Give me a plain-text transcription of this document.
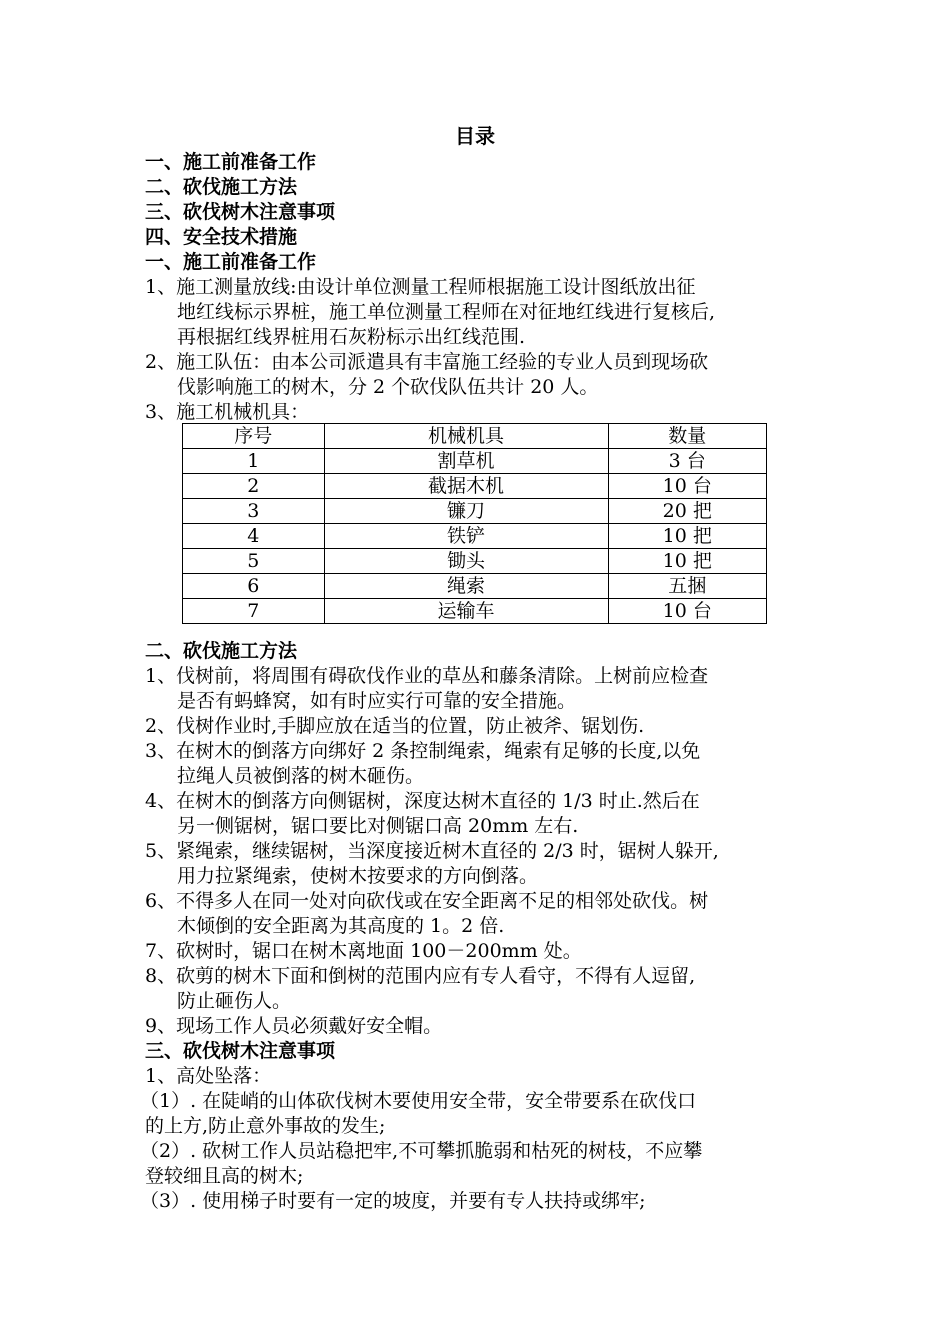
目录
一、施工前准备工作
二、砍伐施工方法
三、砍伐树木注意事项
四、安全技术措施
一、施工前准备工作
1、施工测量放线:由设计单位测量工程师根据施工设计图纸放出征
地红线标示界桩，施工单位测量工程师在对征地红线进行复核后,
再根据红线界桩用石灰粉标示出红线范围.
2、施工队伍：由本公司派遣具有丰富施工经验的专业人员到现场砍
伐影响施工的树木，分 2 个砍伐队伍共计 20 人。
3、施工机械机具：
序号	机械机具	数量
1	割草机	3 台
2	截据木机	10 台
3	镰刀	20 把
4	铁铲	10 把
5	锄头	10 把
6	绳索	五捆
7	运输车	10 台
二、砍伐施工方法
1、伐树前，将周围有碍砍伐作业的草丛和藤条清除。上树前应检查
是否有蚂蜂窝，如有时应实行可靠的安全措施。
2、伐树作业时,手脚应放在适当的位置，防止被斧、锯划伤.
3、在树木的倒落方向绑好 2 条控制绳索，绳索有足够的长度,以免
拉绳人员被倒落的树木砸伤。
4、在树木的倒落方向侧锯树，深度达树木直径的 1/3 时止.然后在
另一侧锯树，锯口要比对侧锯口高 20mm 左右.
5、紧绳索，继续锯树，当深度接近树木直径的 2/3 时，锯树人躲开,
用力拉紧绳索，使树木按要求的方向倒落。
6、不得多人在同一处对向砍伐或在安全距离不足的相邻处砍伐。树
木倾倒的安全距离为其高度的 1。2 倍.
7、砍树时，锯口在树木离地面 100－200mm 处。
8、砍剪的树木下面和倒树的范围内应有专人看守，不得有人逗留,
防止砸伤人。
9、现场工作人员必须戴好安全帽。
三、砍伐树木注意事项
1、高处坠落：
（1）. 在陡峭的山体砍伐树木要使用安全带，安全带要系在砍伐口
的上方,防止意外事故的发生;
（2）. 砍树工作人员站稳把牢,不可攀抓脆弱和枯死的树枝，不应攀
登较细且高的树木;
（3）. 使用梯子时要有一定的坡度，并要有专人扶持或绑牢;
